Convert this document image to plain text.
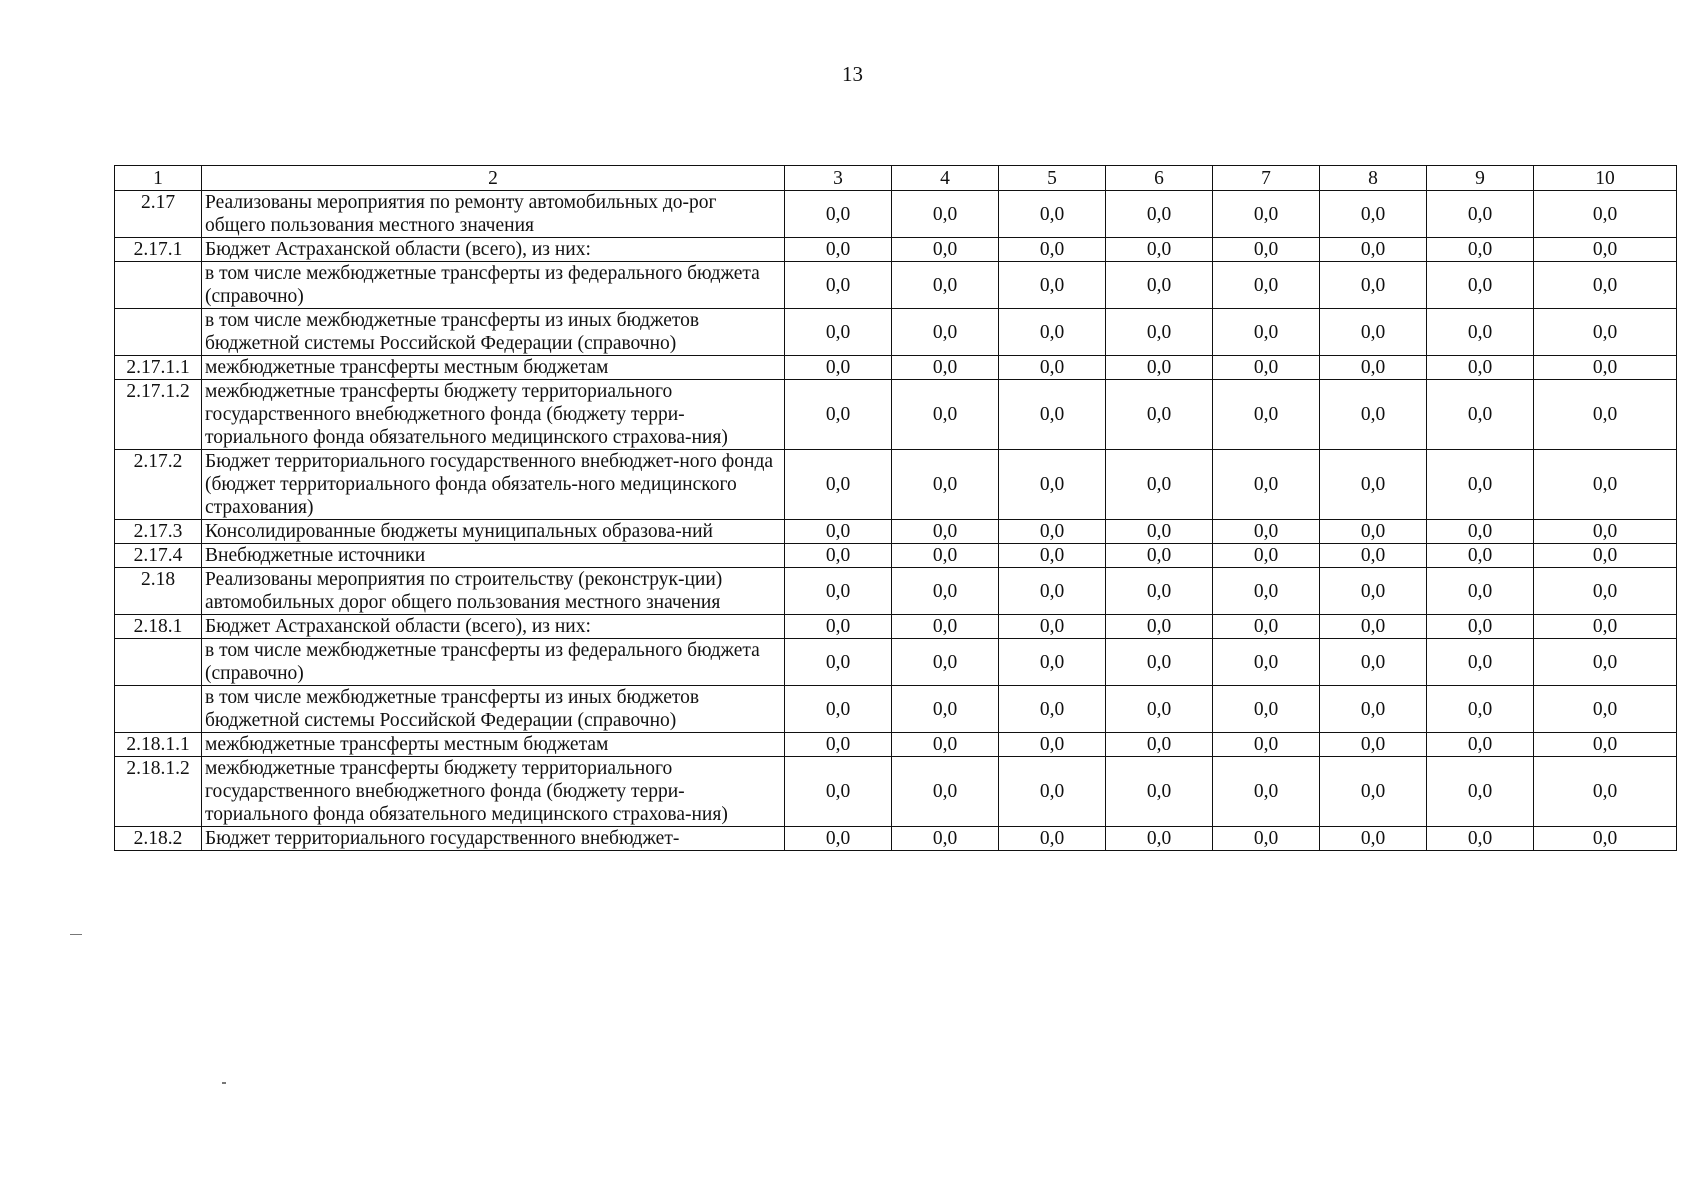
13
1	2	3	4	5	6	7	8	9	10
2.17	Реализованы мероприятия по ремонту автомобильных до-рог общего пользования местного значения	0,0	0,0	0,0	0,0	0,0	0,0	0,0	0,0
2.17.1	Бюджет Астраханской области (всего), из них:	0,0	0,0	0,0	0,0	0,0	0,0	0,0	0,0
	в том числе межбюджетные трансферты из федерального бюджета (справочно)	0,0	0,0	0,0	0,0	0,0	0,0	0,0	0,0
	в том числе межбюджетные трансферты из иных бюджетов бюджетной системы Российской Федерации (справочно)	0,0	0,0	0,0	0,0	0,0	0,0	0,0	0,0
2.17.1.1	межбюджетные трансферты местным бюджетам	0,0	0,0	0,0	0,0	0,0	0,0	0,0	0,0
2.17.1.2	межбюджетные трансферты бюджету территориального государственного внебюджетного фонда (бюджету терри-ториального фонда обязательного медицинского страхова-ния)	0,0	0,0	0,0	0,0	0,0	0,0	0,0	0,0
2.17.2	Бюджет территориального государственного внебюджет-ного фонда (бюджет территориального фонда обязатель-ного медицинского страхования)	0,0	0,0	0,0	0,0	0,0	0,0	0,0	0,0
2.17.3	Консолидированные бюджеты муниципальных образова-ний	0,0	0,0	0,0	0,0	0,0	0,0	0,0	0,0
2.17.4	Внебюджетные источники	0,0	0,0	0,0	0,0	0,0	0,0	0,0	0,0
2.18	Реализованы мероприятия по строительству (реконструк-ции) автомобильных дорог общего пользования местного значения	0,0	0,0	0,0	0,0	0,0	0,0	0,0	0,0
2.18.1	Бюджет Астраханской области (всего), из них:	0,0	0,0	0,0	0,0	0,0	0,0	0,0	0,0
	в том числе межбюджетные трансферты из федерального бюджета (справочно)	0,0	0,0	0,0	0,0	0,0	0,0	0,0	0,0
	в том числе межбюджетные трансферты из иных бюджетов бюджетной системы Российской Федерации (справочно)	0,0	0,0	0,0	0,0	0,0	0,0	0,0	0,0
2.18.1.1	межбюджетные трансферты местным бюджетам	0,0	0,0	0,0	0,0	0,0	0,0	0,0	0,0
2.18.1.2	межбюджетные трансферты бюджету территориального государственного внебюджетного фонда (бюджету терри-ториального фонда обязательного медицинского страхова-ния)	0,0	0,0	0,0	0,0	0,0	0,0	0,0	0,0
2.18.2	Бюджет территориального государственного внебюджет-	0,0	0,0	0,0	0,0	0,0	0,0	0,0	0,0
